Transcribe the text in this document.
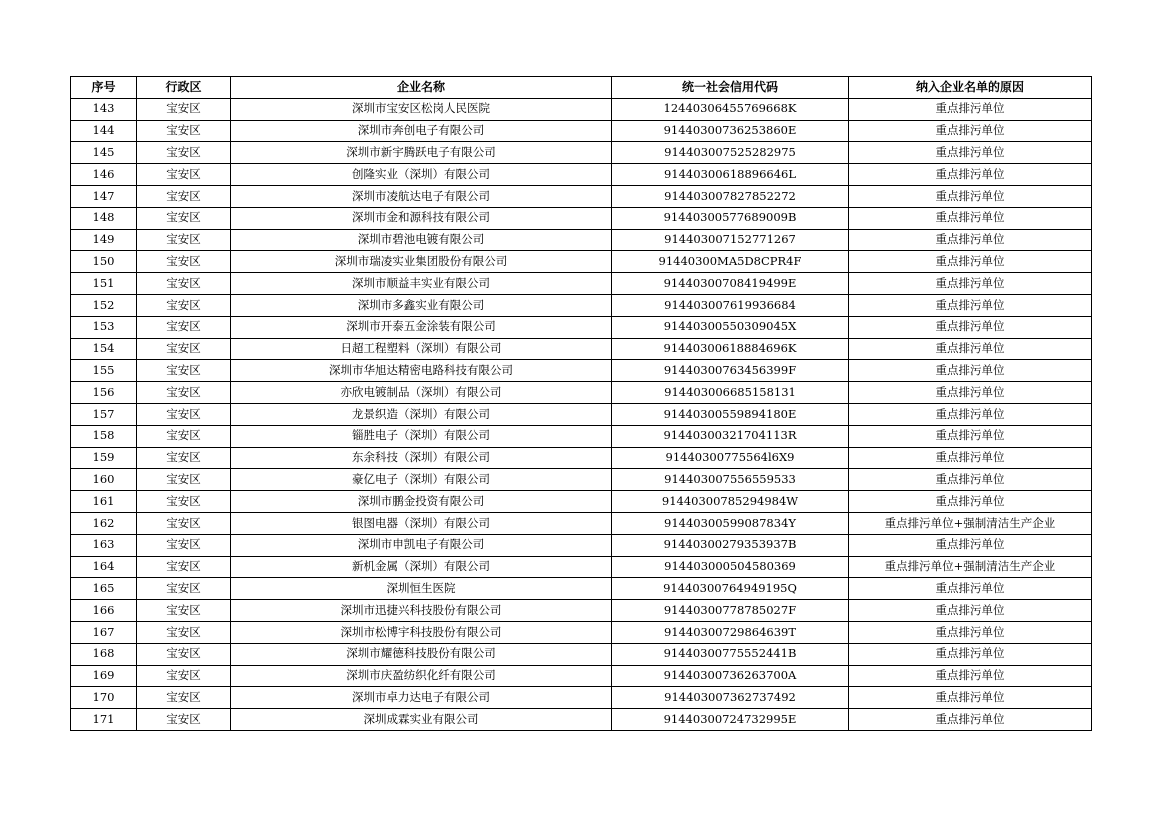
序号	行政区	企业名称	统一社会信用代码	纳入企业名单的原因
143	宝安区	深圳市宝安区松岗人民医院	12440306455769668K	重点排污单位
144	宝安区	深圳市奔创电子有限公司	91440300736253860E	重点排污单位
145	宝安区	深圳市新宇腾跃电子有限公司	914403007525282975	重点排污单位
146	宝安区	创隆实业（深圳）有限公司	91440300618896646L	重点排污单位
147	宝安区	深圳市凌航达电子有限公司	914403007827852272	重点排污单位
148	宝安区	深圳市金和源科技有限公司	91440300577689009B	重点排污单位
149	宝安区	深圳市碧池电镀有限公司	914403007152771267	重点排污单位
150	宝安区	深圳市瑞凌实业集团股份有限公司	91440300MA5D8CPR4F	重点排污单位
151	宝安区	深圳市顺益丰实业有限公司	91440300708419499E	重点排污单位
152	宝安区	深圳市多鑫实业有限公司	914403007619936684	重点排污单位
153	宝安区	深圳市开泰五金涂装有限公司	91440300550309045X	重点排污单位
154	宝安区	日超工程塑料（深圳）有限公司	91440300618884696K	重点排污单位
155	宝安区	深圳市华旭达精密电路科技有限公司	91440300763456399F	重点排污单位
156	宝安区	亦欣电镀制品（深圳）有限公司	914403006685158131	重点排污单位
157	宝安区	龙景织造（深圳）有限公司	91440300559894180E	重点排污单位
158	宝安区	锱胜电子（深圳）有限公司	91440300321704113R	重点排污单位
159	宝安区	东余科技（深圳）有限公司	91440300775564l6X9	重点排污单位
160	宝安区	豪亿电子（深圳）有限公司	914403007556559533	重点排污单位
161	宝安区	深圳市鹏金投资有限公司	91440300785294984W	重点排污单位
162	宝安区	银图电器（深圳）有限公司	91440300599087834Y	重点排污单位+强制清洁生产企业
163	宝安区	深圳市申凯电子有限公司	91440300279353937B	重点排污单位
164	宝安区	新机金属（深圳）有限公司	914403000504580369	重点排污单位+强制清洁生产企业
165	宝安区	深圳恒生医院	91440300764949195Q	重点排污单位
166	宝安区	深圳市迅捷兴科技股份有限公司	91440300778785027F	重点排污单位
167	宝安区	深圳市松博宇科技股份有限公司	91440300729864639T	重点排污单位
168	宝安区	深圳市耀德科技股份有限公司	91440300775552441B	重点排污单位
169	宝安区	深圳市庆盈纺织化纤有限公司	91440300736263700A	重点排污单位
170	宝安区	深圳市卓力达电子有限公司	914403007362737492	重点排污单位
171	宝安区	深圳成霖实业有限公司	91440300724732995E	重点排污单位
